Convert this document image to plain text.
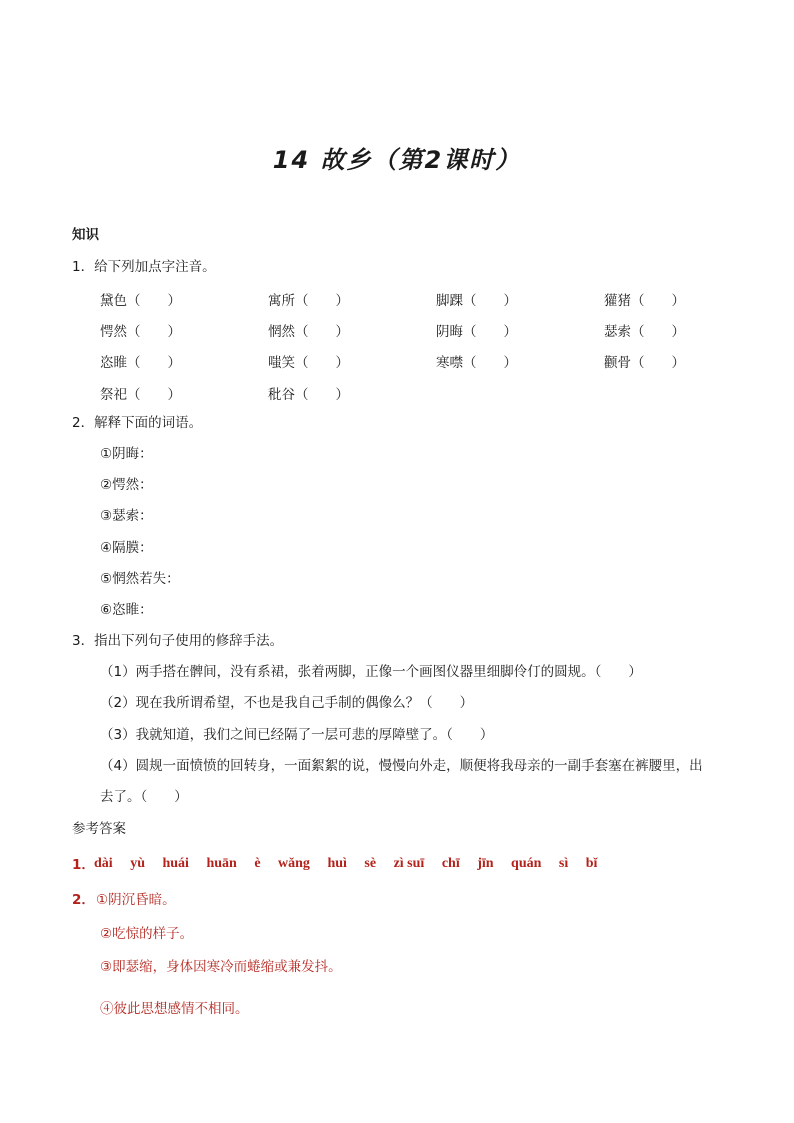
14 故乡（第2课时）
知识
1．给下列加点字注音。
黛色（　　）	寓所（　　）	脚踝（　　）	獾猪（　　）
愕然（　　）	惘然（　　）	阴晦（　　）	瑟索（　　）
恣睢（　　）	嗤笑（　　）	寒噤（　　）	颧骨（　　）
祭祀（　　）	秕谷（　　）
2．解释下面的词语。
①阴晦：
②愕然：
③瑟索：
④隔膜：
⑤惘然若失：
⑥恣睢：
3．指出下列句子使用的修辞手法。
（1）两手搭在髀间，没有系裙，张着两脚，正像一个画图仪器里细脚伶仃的圆规。（　　）
（2）现在我所谓希望，不也是我自己手制的偶像么？（　　）
（3）我就知道，我们之间已经隔了一层可悲的厚障壁了。（　　）
（4）圆规一面愤愤的回转身，一面絮絮的说，慢慢向外走，顺便将我母亲的一副手套塞在裤腰里，出
去了。（　　）
参考答案
1． dài yù huái huān è wǎng huì sè zì suī chī jīn quán sì bǐ
2． ①阴沉昏暗。
②吃惊的样子。
③即瑟缩，身体因寒冷而蜷缩或兼发抖。
④彼此思想感情不相同。
